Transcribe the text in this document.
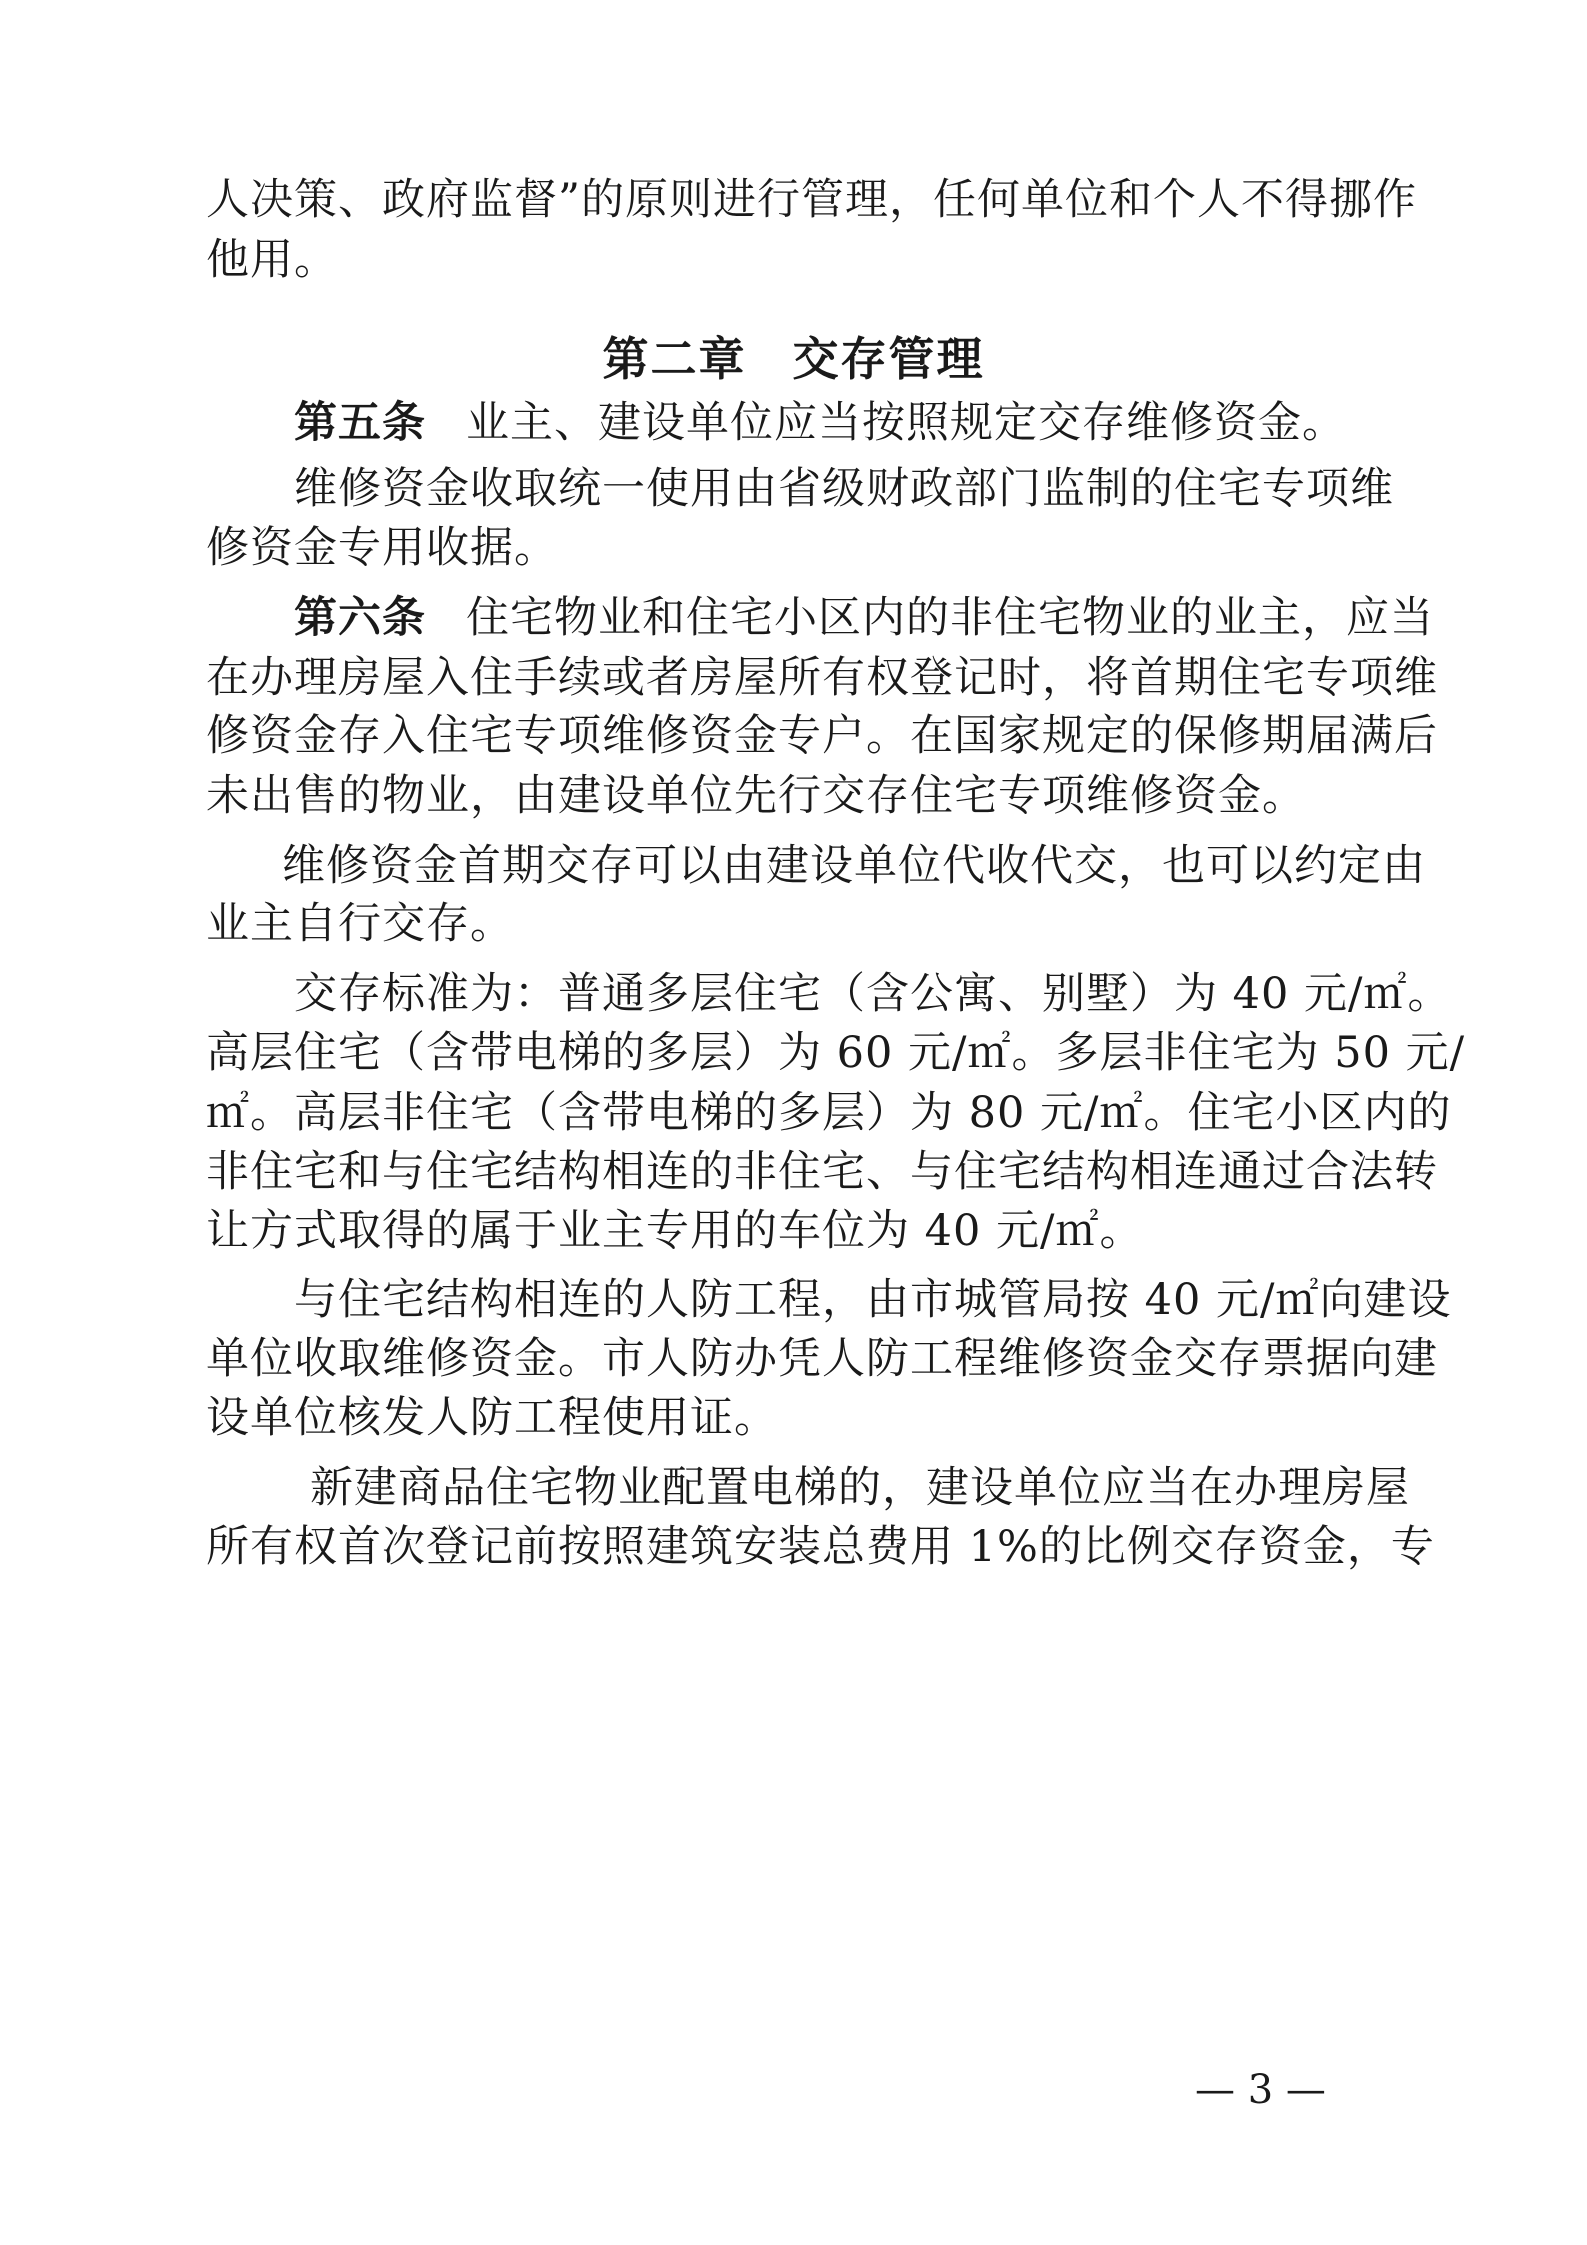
人决策、政府监督”的原则进行管理，任何单位和个人不得挪作
他用。
第二章 交存管理
第五条 业主、建设单位应当按照规定交存维修资金。
维修资金收取统一使用由省级财政部门监制的住宅专项维
修资金专用收据。
第六条 住宅物业和住宅小区内的非住宅物业的业主，应当
在办理房屋入住手续或者房屋所有权登记时，将首期住宅专项维
修资金存入住宅专项维修资金专户。在国家规定的保修期届满后
未出售的物业，由建设单位先行交存住宅专项维修资金。
维修资金首期交存可以由建设单位代收代交，也可以约定由
业主自行交存。
交存标准为：普通多层住宅（含公寓、别墅）为 40 元/㎡。
高层住宅（含带电梯的多层）为 60 元/㎡。多层非住宅为 50 元/
㎡。高层非住宅（含带电梯的多层）为 80 元/㎡。住宅小区内的
非住宅和与住宅结构相连的非住宅、与住宅结构相连通过合法转
让方式取得的属于业主专用的车位为 40 元/㎡。
与住宅结构相连的人防工程，由市城管局按 40 元/㎡向建设
单位收取维修资金。市人防办凭人防工程维修资金交存票据向建
设单位核发人防工程使用证。
新建商品住宅物业配置电梯的，建设单位应当在办理房屋
所有权首次登记前按照建筑安装总费用 1%的比例交存资金，专
— 3 —
